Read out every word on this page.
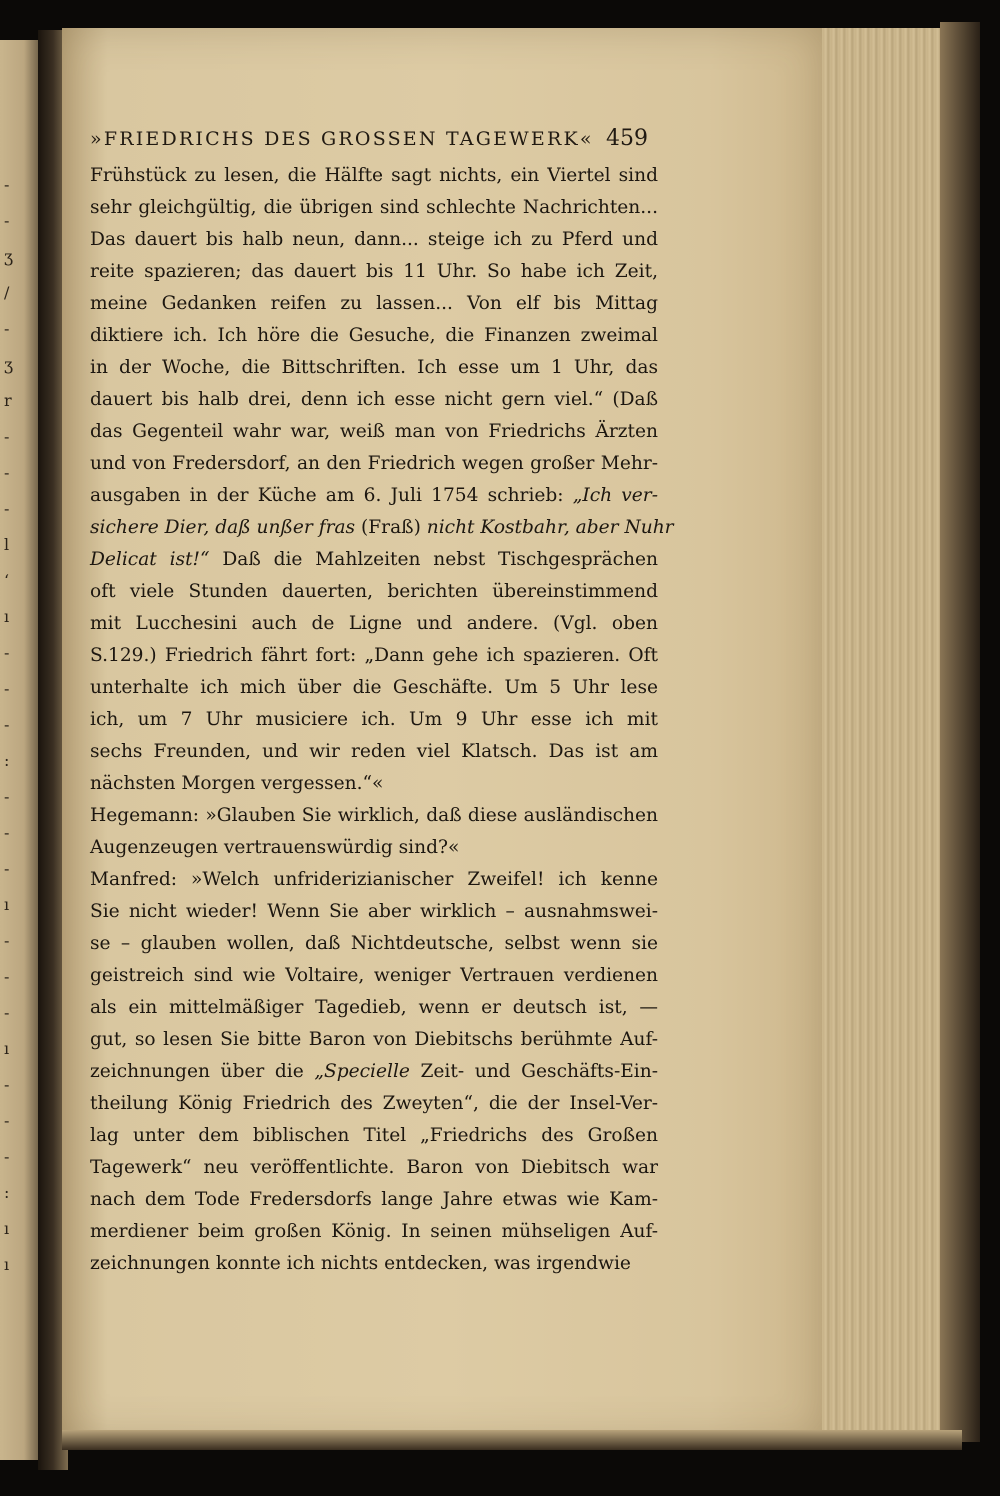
-
-
ʒ
/
-
ʒ
r
-
-
-
l
‘
ı
-
-
-
:
-
-
-
ı
-
-
-
ı
-
-
-
:
ı
ı
»FRIEDRICHS DES GROSSEN TAGEWERK« 459
Frühstück zu lesen, die Hälfte sagt nichts, ein Viertel sind
sehr gleichgültig, die übrigen sind schlechte Nachrichten...
Das dauert bis halb neun, dann... steige ich zu Pferd und
reite spazieren; das dauert bis 11 Uhr. So habe ich Zeit,
meine Gedanken reifen zu lassen... Von elf bis Mittag
diktiere ich. Ich höre die Gesuche, die Finanzen zweimal
in der Woche, die Bittschriften. Ich esse um 1 Uhr, das
dauert bis halb drei, denn ich esse nicht gern viel.“ (Daß
das Gegenteil wahr war, weiß man von Friedrichs Ärzten
und von Fredersdorf, an den Friedrich wegen großer Mehr-
ausgaben in der Küche am 6. Juli 1754 schrieb: „Ich ver-
sichere Dier, daß unßer fras (Fraß) nicht Kostbahr, aber Nuhr
Delicat ist!“ Daß die Mahlzeiten nebst Tischgesprächen
oft viele Stunden dauerten, berichten übereinstimmend
mit Lucchesini auch de Ligne und andere. (Vgl. oben
S.129.) Friedrich fährt fort: „Dann gehe ich spazieren. Oft
unterhalte ich mich über die Geschäfte. Um 5 Uhr lese
ich, um 7 Uhr musiciere ich. Um 9 Uhr esse ich mit
sechs Freunden, und wir reden viel Klatsch. Das ist am
nächsten Morgen vergessen.“«
Hegemann: »Glauben Sie wirklich, daß diese ausländischen
Augenzeugen vertrauenswürdig sind?«
Manfred: »Welch unfriderizianischer Zweifel! ich kenne
Sie nicht wieder! Wenn Sie aber wirklich – ausnahmswei-
se – glauben wollen, daß Nichtdeutsche, selbst wenn sie
geistreich sind wie Voltaire, weniger Vertrauen verdienen
als ein mittelmäßiger Tagedieb, wenn er deutsch ist, —
gut, so lesen Sie bitte Baron von Diebitschs berühmte Auf-
zeichnungen über die „Specielle Zeit- und Geschäfts-Ein-
theilung König Friedrich des Zweyten“, die der Insel-Ver-
lag unter dem biblischen Titel „Friedrichs des Großen
Tagewerk“ neu veröffentlichte. Baron von Diebitsch war
nach dem Tode Fredersdorfs lange Jahre etwas wie Kam-
merdiener beim großen König. In seinen mühseligen Auf-
zeichnungen konnte ich nichts entdecken, was irgendwie
